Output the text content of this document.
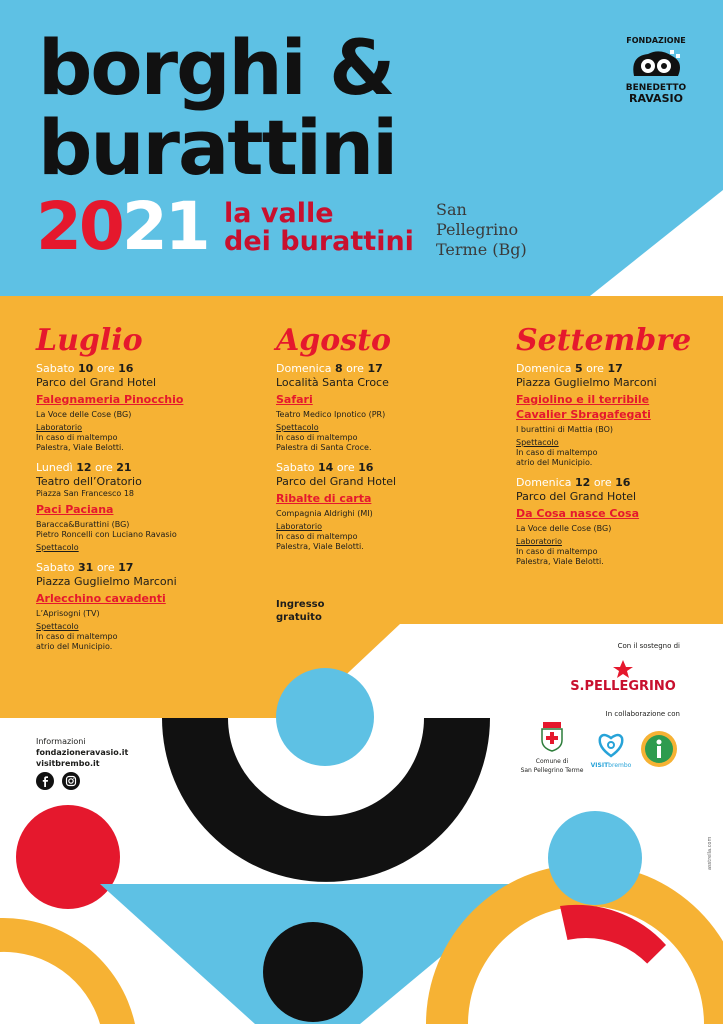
borghi &
burattini
2021 la valle
dei burattini
San
Pellegrino
Terme (Bg)
FONDAZIONE
BENEDETTO
RAVASIO
Luglio
Sabato 10 ore 16
Parco del Grand Hotel
Falegnameria Pinocchio
La Voce delle Cose (BG)
Laboratorio
In caso di maltempo
Palestra, Viale Belotti.
Lunedì 12 ore 21
Teatro dell’Oratorio
Piazza San Francesco 18
Paci Paciana
Baracca&Burattini (BG)
Pietro Roncelli con Luciano Ravasio
Spettacolo
Sabato 31 ore 17
Piazza Guglielmo Marconi
Arlecchino cavadenti
L’Aprisogni (TV)
Spettacolo
In caso di maltempo
atrio del Municipio.
Agosto
Domenica 8 ore 17
Località Santa Croce
Safari
Teatro Medico Ipnotico (PR)
Spettacolo
In caso di maltempo
Palestra di Santa Croce.
Sabato 14 ore 16
Parco del Grand Hotel
Ribalte di carta
Compagnia Aldrighi (MI)
Laboratorio
In caso di maltempo
Palestra, Viale Belotti.
Ingresso
gratuito
Settembre
Domenica 5 ore 17
Piazza Guglielmo Marconi
Fagiolino e il terribile
Cavalier Sbragafegati
I burattini di Mattia (BO)
Spettacolo
In caso di maltempo
atrio del Municipio.
Domenica 12 ore 16
Parco del Grand Hotel
Da Cosa nasce Cosa
La Voce delle Cose (BG)
Laboratorio
In caso di maltempo
Palestra, Viale Belotti.
Informazioni
fondazioneravasio.it
visitbrembo.it
Con il sostegno di
S.PELLEGRINO
In collaborazione con
Comune di
San Pellegrino Terme
VISITbrembo
asstrella.com
